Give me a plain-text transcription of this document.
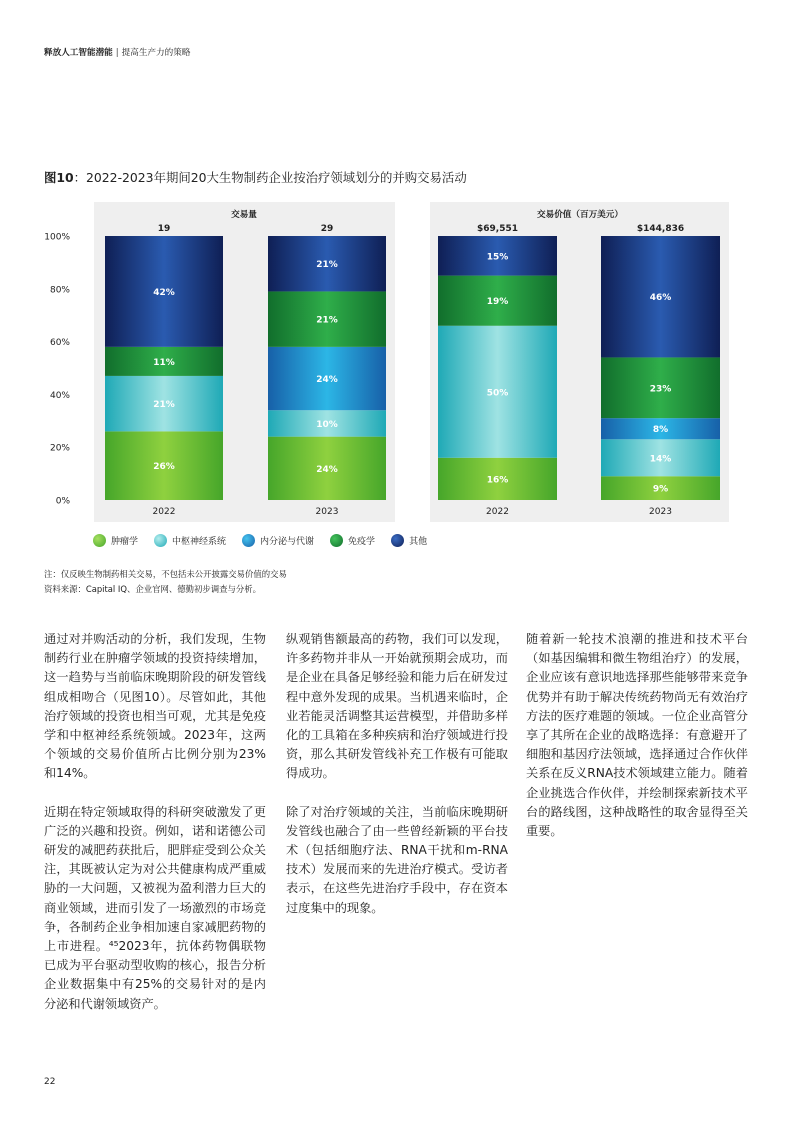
释放人工智能潜能 | 提高生产力的策略
图10：2022-2023年期间20大生物制药企业按治疗领域划分的并购交易活动
交易量	交易价值（百万美元）
0%
20%
40%
60%
80%
100%
26%
21%
11%
42%
19
2022
24%
10%
24%
21%
21%
29
2023
16%
50%
19%
15%
$69,551
2022
9%
14%
8%
23%
46%
$144,836
2023
肿瘤学	中枢神经系统	内分泌与代谢	免疫学	其他
注：仅反映生物制药相关交易，不包括未公开披露交易价值的交易
资料来源：Capital IQ、企业官网、德勤初步调查与分析。

通过对并购活动的分析，我们发现，生物制药行业在肿瘤学领域的投资持续增加，这一趋势与当前临床晚期阶段的研发管线组成相吻合（见图10）。尽管如此，其他治疗领域的投资也相当可观，尤其是免疫学和中枢神经系统领域。2023年，这两个领域的交易价值所占比例分别为23%和14%。

近期在特定领域取得的科研突破激发了更广泛的兴趣和投资。例如，诺和诺德公司研发的减肥药获批后，肥胖症受到公众关注，其既被认定为对公共健康构成严重威胁的一大问题，又被视为盈利潜力巨大的商业领域，进而引发了一场激烈的市场竞争，各制药企业争相加速自家减肥药物的上市进程。⁴⁵2023年，抗体药物偶联物已成为平台驱动型收购的核心，报告分析企业数据集中有25%的交易针对的是内分泌和代谢领域资产。

纵观销售额最高的药物，我们可以发现，许多药物并非从一开始就预期会成功，而是企业在具备足够经验和能力后在研发过程中意外发现的成果。当机遇来临时，企业若能灵活调整其运营模型，并借助多样化的工具箱在多种疾病和治疗领域进行投资，那么其研发管线补充工作极有可能取得成功。

除了对治疗领域的关注，当前临床晚期研发管线也融合了由一些曾经新颖的平台技术（包括细胞疗法、RNA干扰和m-RNA技术）发展而来的先进治疗模式。受访者表示，在这些先进治疗手段中，存在资本过度集中的现象。

随着新一轮技术浪潮的推进和技术平台（如基因编辑和微生物组治疗）的发展，企业应该有意识地选择那些能够带来竞争优势并有助于解决传统药物尚无有效治疗方法的医疗难题的领域。一位企业高管分享了其所在企业的战略选择：有意避开了细胞和基因疗法领域，选择通过合作伙伴关系在反义RNA技术领域建立能力。随着企业挑选合作伙伴，并绘制探索新技术平台的路线图，这种战略性的取舍显得至关重要。

22
